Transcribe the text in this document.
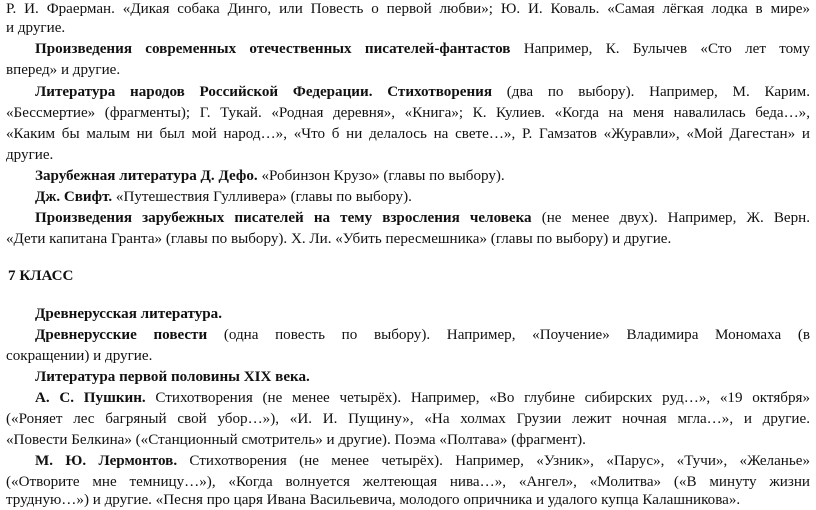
Р. И. Фраерман. «Дикая собака Динго, или Повесть о первой любви»; Ю. И. Коваль. «Самая лёгкая лодка в мире»
и другие.
Произведения современных отечественных писателей-фантастов Например, К. Булычев «Сто лет тому
вперед» и другие.
Литература народов Российской Федерации. Стихотворения (два по выбору). Например, М. Карим.
«Бессмертие» (фрагменты); Г. Тукай. «Родная деревня», «Книга»; К. Кулиев. «Когда на меня навалилась беда…»,
«Каким бы малым ни был мой народ…», «Что б ни делалось на свете…», Р. Гамзатов «Журавли», «Мой Дагестан» и
другие.
Зарубежная литература Д. Дефо. «Робинзон Крузо» (главы по выбору).
Дж. Свифт. «Путешествия Гулливера» (главы по выбору).
Произведения зарубежных писателей на тему взросления человека (не менее двух). Например, Ж. Верн.
«Дети капитана Гранта» (главы по выбору). Х. Ли. «Убить пересмешника» (главы по выбору) и другие.
7 КЛАСС
Древнерусская литература.
Древнерусские повести (одна повесть по выбору). Например, «Поучение» Владимира Мономаха (в
сокращении) и другие.
Литература первой половины XIX века.
А. С. Пушкин. Стихотворения (не менее четырёх). Например, «Во глубине сибирских руд…», «19 октября»
(«Роняет лес багряный свой убор…»), «И. И. Пущину», «На холмах Грузии лежит ночная мгла…», и другие.
«Повести Белкина» («Станционный смотритель» и другие). Поэма «Полтава» (фрагмент).
М. Ю. Лермонтов. Стихотворения (не менее четырёх). Например, «Узник», «Парус», «Тучи», «Желанье»
(«Отворите мне темницу…»), «Когда волнуется желтеющая нива…», «Ангел», «Молитва» («В минуту жизни
трудную…») и другие. «Песня про царя Ивана Васильевича, молодого опричника и удалого купца Калашникова».
